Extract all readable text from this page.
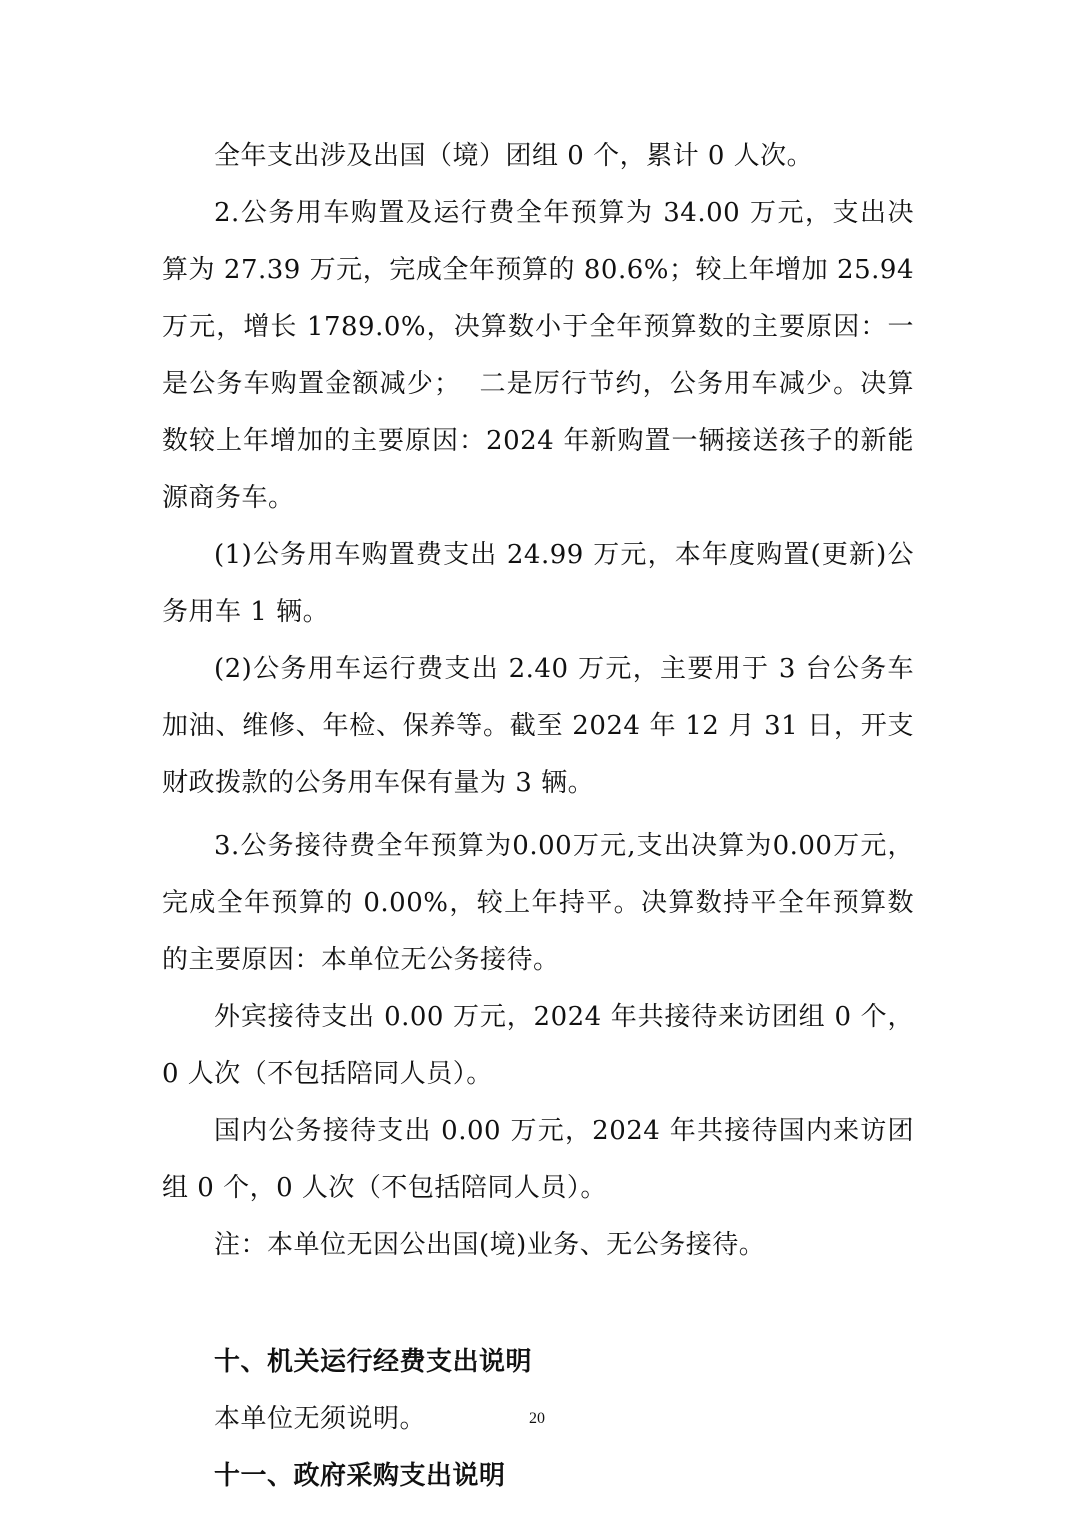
全年支出涉及出国（境）团组 0 个，累计 0 人次。

2.公务用车购置及运行费全年预算为 34.00 万元，支出决算为 27.39 万元，完成全年预算的 80.6%；较上年增加 25.94 万元，增长 1789.0%，决算数小于全年预算数的主要原因：一是公务车购置金额减少；  二是厉行节约，公务用车减少。决算数较上年增加的主要原因：2024 年新购置一辆接送孩子的新能源商务车。

(1)公务用车购置费支出 24.99 万元，本年度购置(更新)公务用车 1 辆。

(2)公务用车运行费支出 2.40 万元，主要用于 3 台公务车加油、维修、年检、保养等。截至 2024 年 12 月 31 日，开支财政拨款的公务用车保有量为 3 辆。

3.公务接待费全年预算为0.00万元,支出决算为0.00万元，完成全年预算的 0.00%，较上年持平。决算数持平全年预算数的主要原因：本单位无公务接待。

外宾接待支出 0.00 万元，2024 年共接待来访团组 0 个，0 人次（不包括陪同人员）。

国内公务接待支出 0.00 万元，2024 年共接待国内来访团组 0 个，0 人次（不包括陪同人员）。

注：本单位无因公出国(境)业务、无公务接待。

十、机关运行经费支出说明

本单位无须说明。

十一、政府采购支出说明
20
